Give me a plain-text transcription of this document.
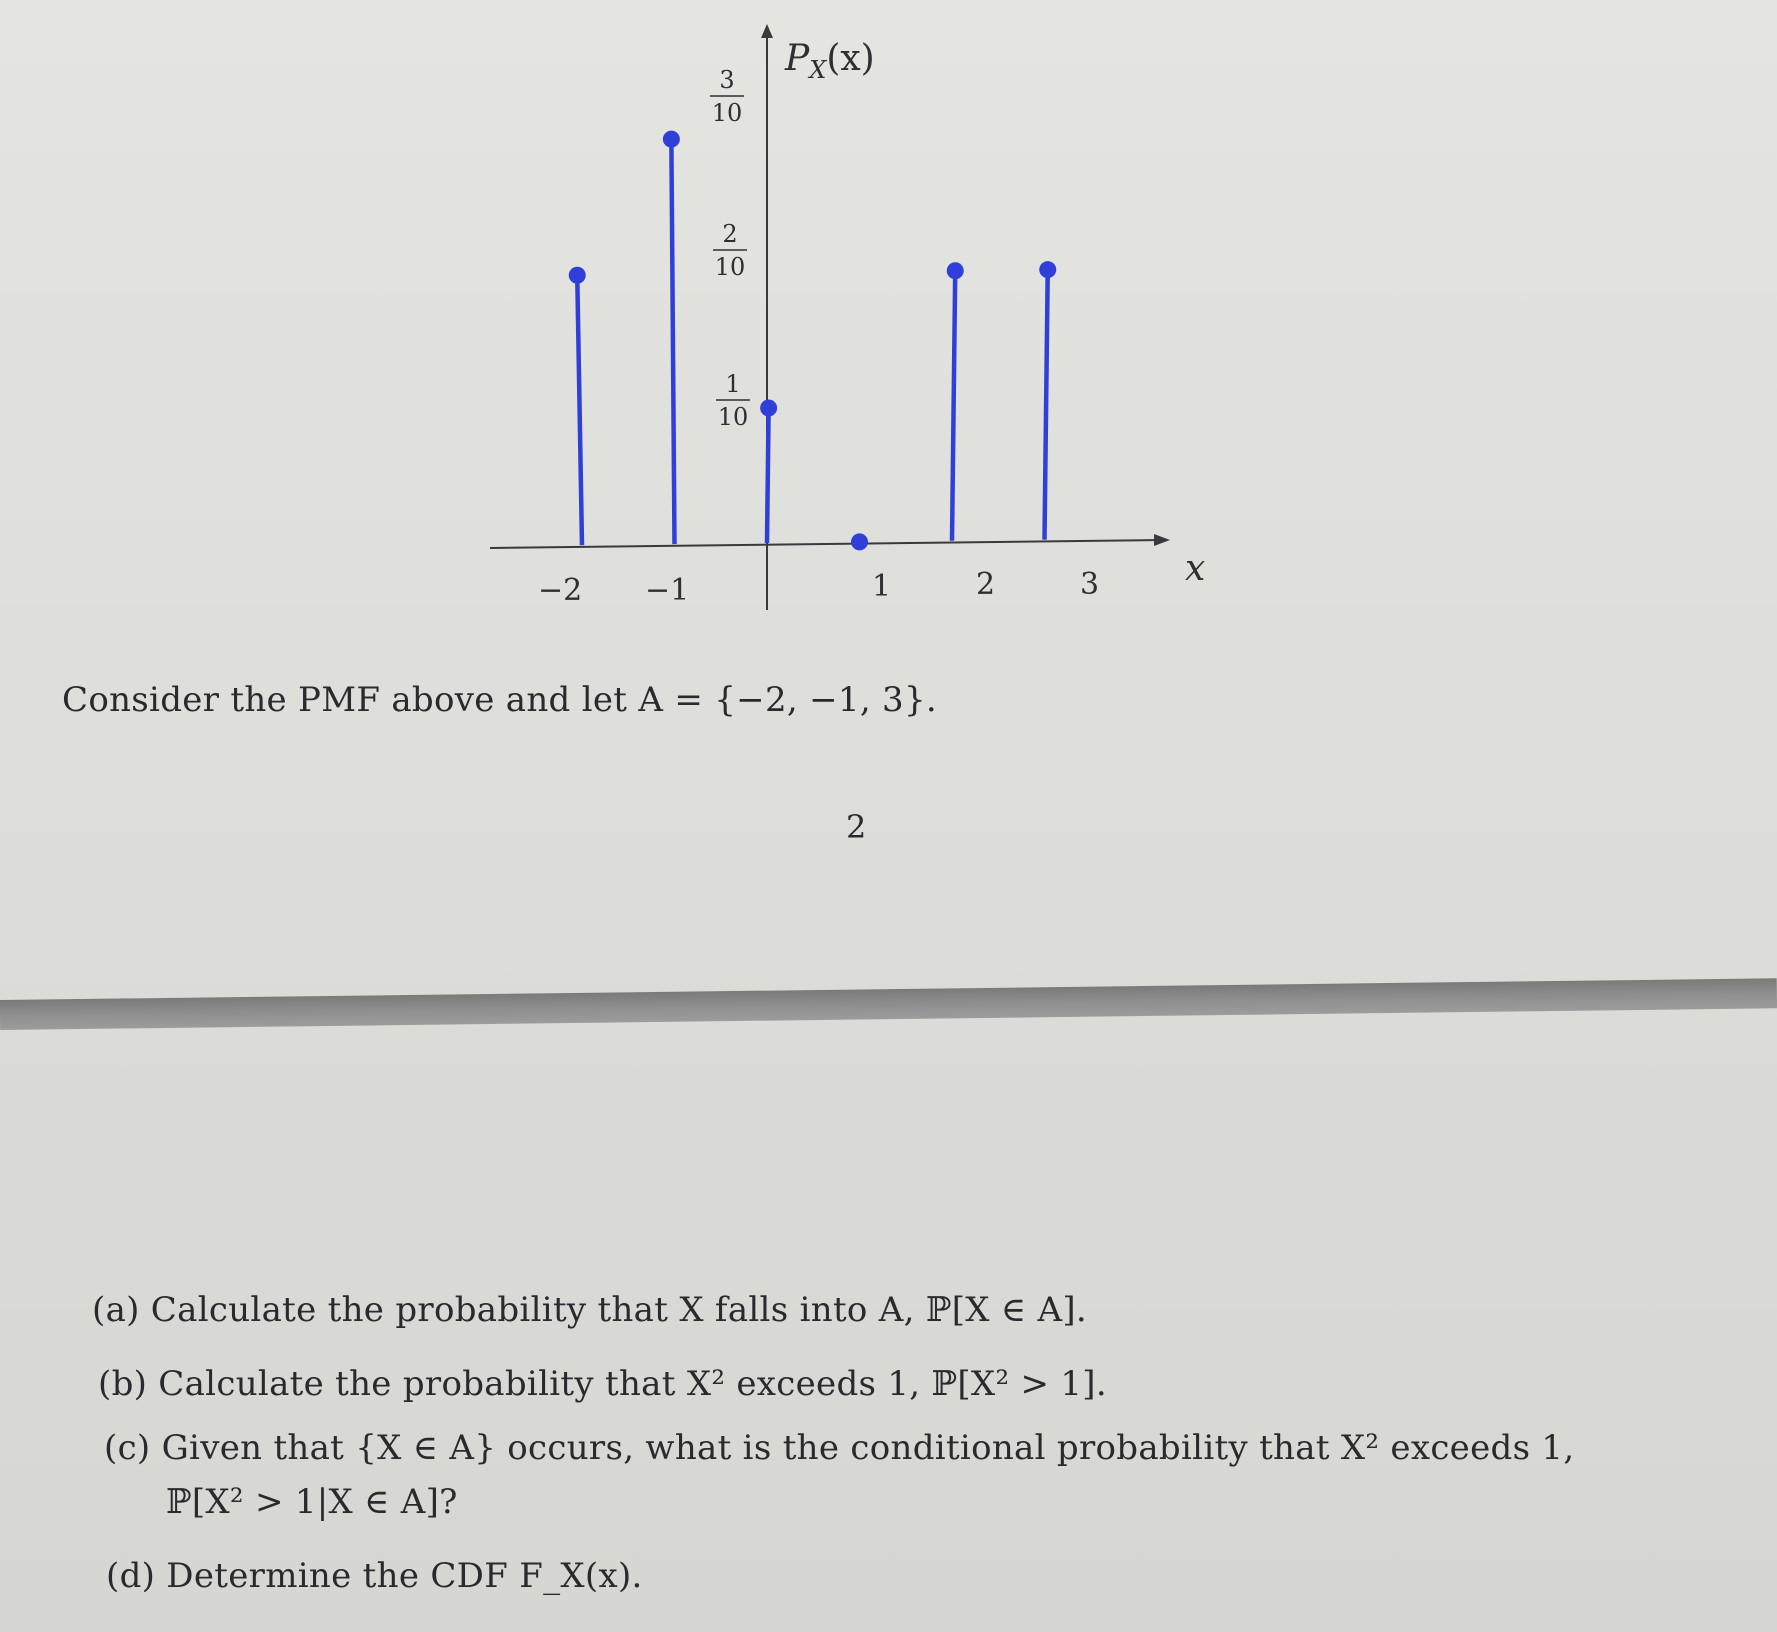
$P_X(x)$
x
−2 −1	1	2	3
3
10
2
10
1
10
Consider the PMF above and let A = {−2, −1, 3}.
2
(a) Calculate the probability that X falls into A, ℙ[X ∈ A].
(b) Calculate the probability that X² exceeds 1, ℙ[X² > 1].
(c) Given that {X ∈ A} occurs, what is the conditional probability that X² exceeds 1,
ℙ[X² > 1|X ∈ A]?
(d) Determine the CDF F_X(x).
